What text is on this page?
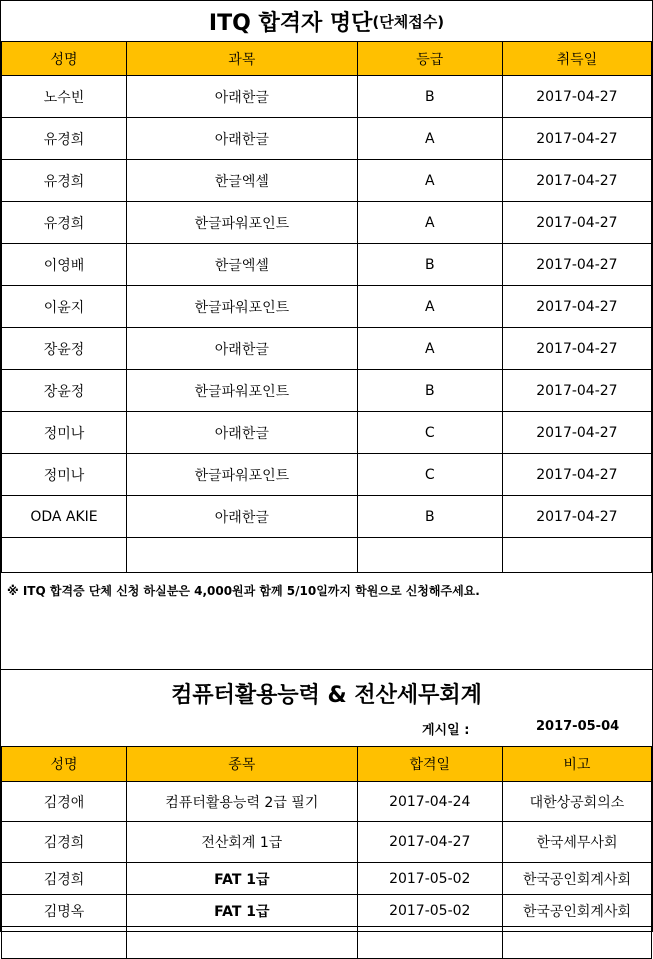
ITQ 합격자 명단 (단체접수)
성명	과목	등급	취득일
노수빈	아래한글	B	2017-04-27
유경희	아래한글	A	2017-04-27
유경희	한글엑셀	A	2017-04-27
유경희	한글파워포인트	A	2017-04-27
이영배	한글엑셀	B	2017-04-27
이윤지	한글파워포인트	A	2017-04-27
장윤정	아래한글	A	2017-04-27
장윤정	한글파워포인트	B	2017-04-27
정미나	아래한글	C	2017-04-27
정미나	한글파워포인트	C	2017-04-27
ODA AKIE	아래한글	B	2017-04-27

※ ITQ 합격증 단체 신청 하실분은 4,000원과 함께 5/10일까지 학원으로 신청해주세요.
컴퓨터활용능력 & 전산세무회계
게시일 :	2017-05-04
성명	종목	합격일	비고
김경애	컴퓨터활용능력 2급 필기	2017-04-24	대한상공회의소
김경희	전산회계 1급	2017-04-27	한국세무사회
김경희	FAT 1급	2017-05-02	한국공인회계사회
김명옥	FAT 1급	2017-05-02	한국공인회계사회
